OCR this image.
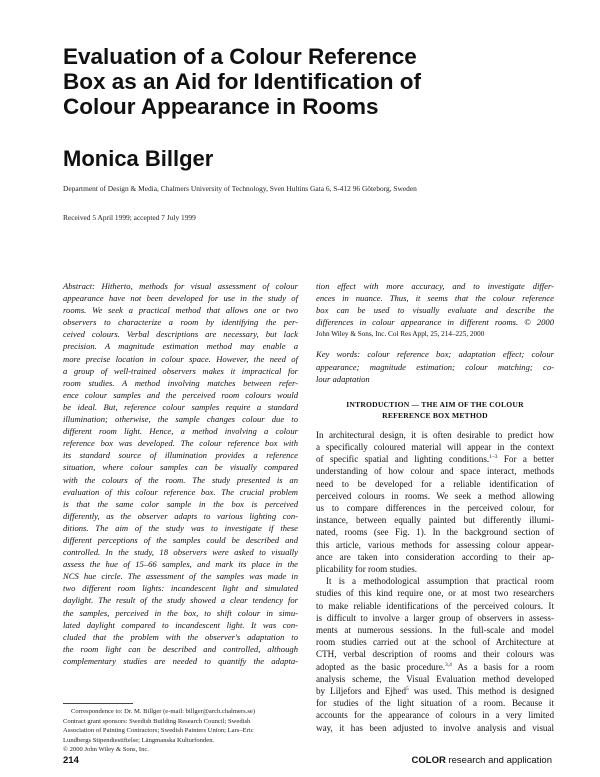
Evaluation of a Colour Reference
Box as an Aid for Identification of
Colour Appearance in Rooms
Monica Billger
Department of Design & Media, Chalmers University of Technology, Sven Hultins Gata 6, S-412 96 Göteborg, Sweden
Received 5 April 1999; accepted 7 July 1999
Abstract: Hitherto, methods for visual assessment of colour
appearance have not been developed for use in the study of
rooms. We seek a practical method that allows one or two
observers to characterize a room by identifying the per-
ceived colours. Verbal descriptions are necessary, but lack
precision. A magnitude estimation method may enable a
more precise location in colour space. However, the need of
a group of well-trained observers makes it impractical for
room studies. A method involving matches between refer-
ence colour samples and the perceived room colours would
be ideal. But, reference colour samples require a standard
illumination; otherwise, the sample changes colour due to
different room light. Hence, a method involving a colour
reference box was developed. The colour reference box with
its standard source of illumination provides a reference
situation, where colour samples can be visually compared
with the colours of the room. The study presented is an
evaluation of this colour reference box. The crucial problem
is that the same color sample in the box is perceived
differently, as the observer adapts to various lighting con-
ditions. The aim of the study was to investigate if these
different perceptions of the samples could be described and
controlled. In the study, 18 observers were asked to visually
assess the hue of 15–66 samples, and mark its place in the
NCS hue circle. The assessment of the samples was made in
two different room lights: incandescent light and simulated
daylight. The result of the study showed a clear tendency for
the samples, perceived in the box, to shift colour in simu-
lated daylight compared to incandescent light. It was con-
cluded that the problem with the observer's adaptation to
the room light can be described and controlled, although
complementary studies are needed to quantify the adapta-
Correspondence to: Dr. M. Billger (e-mail: billger@arch.chalmers.se)
Contract grant sponsors: Swedish Building Research Council; Swedish
Association of Painting Contractors; Swedish Painters Union; Lars–Eric
Lundbergs Stipendiestiftelse; Längmanska Kulturfonden.
© 2000 John Wiley & Sons, Inc.
tion effect with more accuracy, and to investigate differ-
ences in nuance. Thus, it seems that the colour reference
box can be used to visually evaluate and describe the
differences in colour appearance in different rooms. © 2000
John Wiley & Sons, Inc. Col Res Appl, 25, 214–225, 2000
Key words: colour reference box; adaptation effect; colour
appearance; magnitude estimation; colour matching; co-
lour adaptation
INTRODUCTION — THE AIM OF THE COLOUR
REFERENCE BOX METHOD
In architectural design, it is often desirable to predict how
a specifically coloured material will appear in the context
of specific spatial and lighting conditions.$^{1-3}$ For a better
understanding of how colour and space interact, methods
need to be developed for a reliable identification of
perceived colours in rooms. We seek a method allowing
us to compare differences in the perceived colour, for
instance, between equally painted but differently illumi-
nated, rooms (see Fig. 1). In the background section of
this article, various methods for assessing colour appear-
ance are taken into consideration according to their ap-
plicability for room studies.
It is a methodological assumption that practical room
studies of this kind require one, or at most two researchers
to make reliable identifications of the perceived colours. It
is difficult to involve a larger group of observers in assess-
ments at numerous sessions. In the full-scale and model
room studies carried out at the school of Architecture at
CTH, verbal description of rooms and their colours was
adopted as the basic procedure.$^{3,4}$ As a basis for a room
analysis scheme, the Visual Evaluation method developed
by Liljefors and Ejhed$^5$ was used. This method is designed
for studies of the light situation of a room. Because it
accounts for the appearance of colours in a very limited
way, it has been adjusted to involve analysis and visual
214	COLOR research and application
